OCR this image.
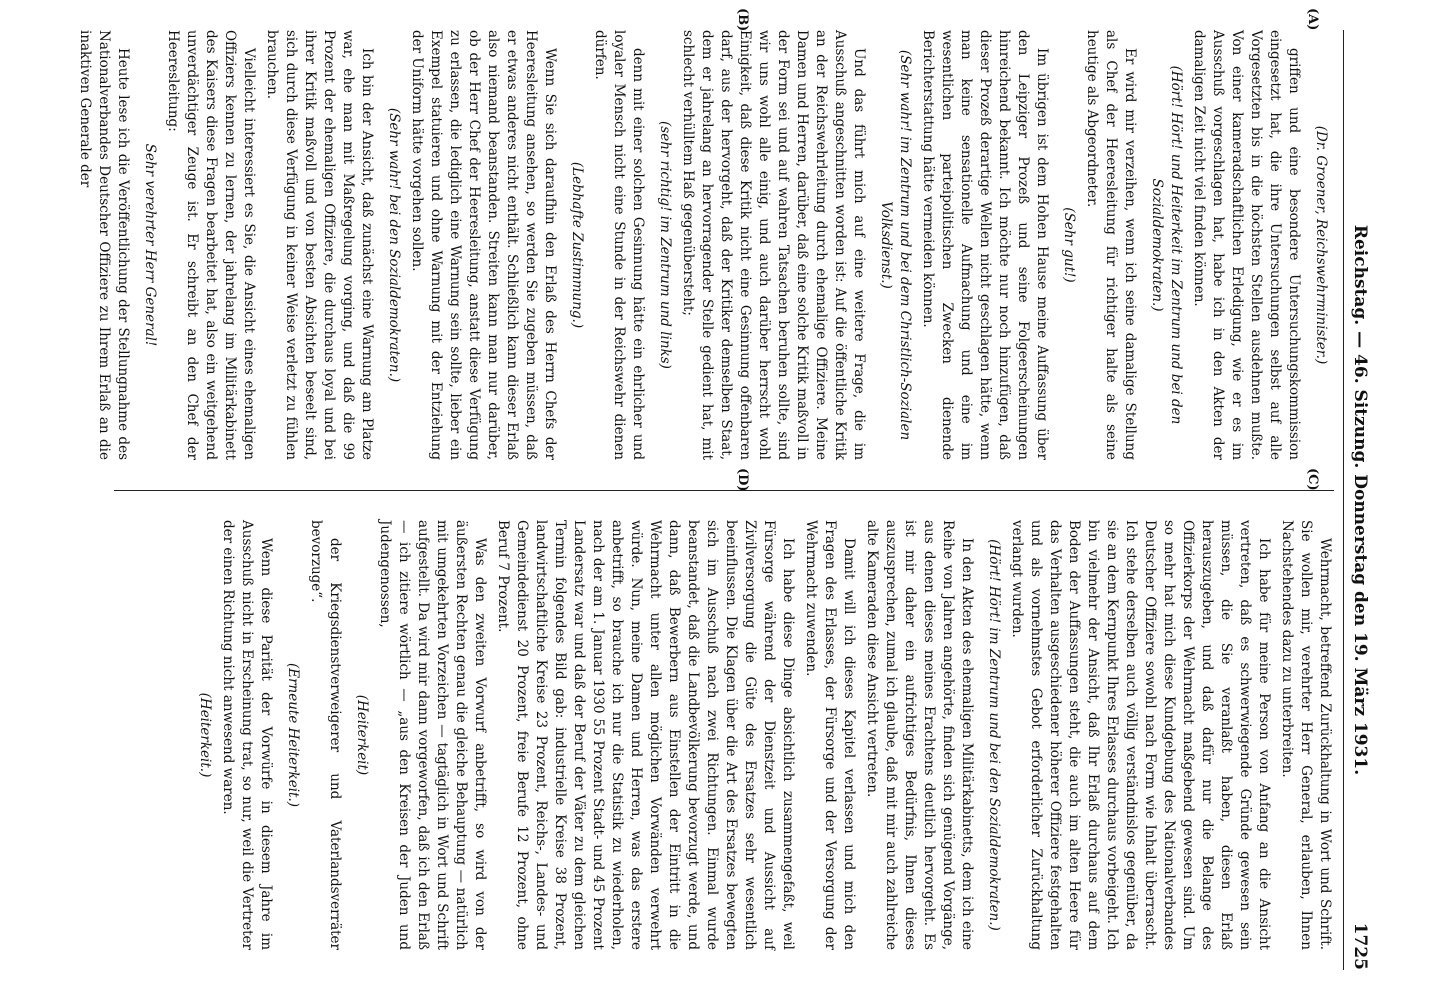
Reichstag. — 46. Sitzung. Donnerstag den 19. März 1931.
1725
(A)
(B)
(C)
(D)

(Dr. Groener, Reichswehrminister.)

griffen und eine besondere Untersuchungskommission eingesetzt hat, die ihre Untersuchungen selbst auf alle Vorgesetzten bis in die höchsten Stellen ausdehnen mußte. Von einer kameradschaftlichen Erledigung, wie er es im Ausschuß vorgeschlagen hat, habe ich in den Akten der damaligen Zeit nicht viel finden können.

(Hört! Hört! und Heiterkeit im Zentrum und bei den Sozialdemokraten.)

Er wird mir verzeihen, wenn ich seine damalige Stellung als Chef der Heeresleitung für richtiger halte als seine heutige als Abgeordneter.

(Sehr gut!)

Im übrigen ist dem Hohen Hause meine Auffassung über den Leipziger Prozeß und seine Folgeerscheinungen hinreichend bekannt. Ich möchte nur noch hinzufügen, daß dieser Prozeß derartige Wellen nicht geschlagen hätte, wenn man keine sensationelle Aufmachung und eine im wesentlichen parteipolitischen Zwecken dienende Berichterstattung hätte vermeiden können.

(Sehr wahr! im Zentrum und bei dem Christlich-Sozialen Volksdienst.)

Und das führt mich auf eine weitere Frage, die im Ausschuß angeschnitten worden ist: Auf die öffentliche Kritik an der Reichswehrleitung durch ehemalige Offiziere. Meine Damen und Herren, darüber, daß eine solche Kritik maßvoll in der Form sei und auf wahren Tatsachen beruhen sollte, sind wir uns wohl alle einig, und auch darüber herrscht wohl Einigkeit, daß diese Kritik nicht eine Gesinnung offenbaren darf, aus der hervorgeht, daß der Kritiker demselben Staat, dem er jahrelang an hervorragender Stelle gedient hat, mit schlecht verhülltem Haß gegenübersteht;

(sehr richtig! im Zentrum und links)

denn mit einer solchen Gesinnung hätte ein ehrlicher und loyaler Mensch nicht eine Stunde in der Reichswehr dienen dürfen.

(Lebhafte Zustimmung.)

Wenn Sie sich daraufhin den Erlaß des Herrn Chefs der Heeresleitung ansehen, so werden Sie zugeben müssen, daß er etwas anderes nicht enthält. Schließlich kann dieser Erlaß also niemand beanstanden. Streiten kann man nur darüber, ob der Herr Chef der Heeresleitung, anstatt diese Verfügung zu erlassen, die lediglich eine Warnung sein sollte, lieber ein Exempel statuieren und ohne Warnung mit der Entziehung der Uniform hätte vorgehen sollen.

(Sehr wahr! bei den Sozialdemokraten.)

Ich bin der Ansicht, daß zunächst eine Warnung am Platze war, ehe man mit Maßregelung vorging, und daß die 99 Prozent der ehemaligen Offiziere, die durchaus loyal und bei ihrer Kritik maßvoll und von besten Absichten beseelt sind, sich durch diese Verfügung in keiner Weise verletzt zu fühlen brauchen.

Vielleicht interessiert es Sie, die Ansicht eines ehemaligen Offiziers kennen zu lernen, der jahrelang im Militärkabinett des Kaisers diese Fragen bearbeitet hat, also ein weitgehend unverdächtiger Zeuge ist. Er schreibt an den Chef der Heeresleitung:

Sehr verehrter Herr General!

Heute lese ich die Veröffentlichung der Stellungnahme des Nationalverbandes Deutscher Offiziere zu Ihrem Erlaß an die inaktiven Generale der

Wehrmacht, betreffend Zurückhaltung in Wort und Schrift. Sie wollen mir, verehrter Herr General, erlauben, Ihnen Nachstehendes dazu zu unterbreiten.

Ich habe für meine Person von Anfang an die Ansicht vertreten, daß es schwerwiegende Gründe gewesen sein müssen, die Sie veranlaßt haben, diesen Erlaß herauszugeben, und daß dafür nur die Belange des Offizierkorps der Wehrmacht maßgebend gewesen sind. Um so mehr hat mich diese Kundgebung des Nationalverbandes Deutscher Offiziere sowohl nach Form wie Inhalt überrascht. Ich stehe derselben auch völlig verständnislos gegenüber, da sie an dem Kernpunkt Ihres Erlasses durchaus vorbeigeht. Ich bin vielmehr der Ansicht, daß Ihr Erlaß durchaus auf dem Boden der Auffassungen steht, die auch im alten Heere für das Verhalten ausgeschiedener höherer Offiziere festgehalten und als vornehmstes Gebot erforderlicher Zurückhaltung verlangt wurden.

(Hört! Hört! im Zentrum und bei den Sozialdemokraten.)

In den Akten des ehemaligen Militärkabinetts, dem ich eine Reihe von Jahren angehörte, finden sich genügend Vorgänge, aus denen dieses meines Erachtens deutlich hervorgeht. Es ist mir daher ein aufrichtiges Bedürfnis, Ihnen dieses auszusprechen, zumal ich glaube, daß mit mir auch zahlreiche alte Kameraden diese Ansicht vertreten.

Damit will ich dieses Kapitel verlassen und mich den Fragen des Erlasses, der Fürsorge und der Versorgung der Wehrmacht zuwenden.

Ich habe diese Dinge absichtlich zusammengefaßt, weil Fürsorge während der Dienstzeit und Aussicht auf Zivilversorgung die Güte des Ersatzes sehr wesentlich beeinflussen. Die Klagen über die Art des Ersatzes bewegten sich im Ausschuß nach zwei Richtungen. Einmal wurde beanstandet, daß die Landbevölkerung bevorzugt werde, und dann, daß Bewerbern aus Einstellen der Eintritt in die Wehrmacht unter allen möglichen Vorwänden verwehrt würde. Nun, meine Damen und Herren, was das erstere anbetrifft, so brauche ich nur die Statistik zu wiederholen, nach der am 1. Januar 1930 55 Prozent Stadt- und 45 Prozent Landersatz war und daß der Beruf der Väter zu dem gleichen Termin folgendes Bild gab: industrielle Kreise 38 Prozent, landwirtschaftliche Kreise 23 Prozent, Reichs-, Landes- und Gemeindedienst 20 Prozent, freie Berufe 12 Prozent, ohne Beruf 7 Prozent.

Was den zweiten Vorwurf anbetrifft, so wird von der äußersten Rechten genau die gleiche Behauptung — natürlich mit umgekehrten Vorzeichen — tagtäglich in Wort und Schrift aufgestellt. Da wird mir dann vorgeworfen, daß ich den Erlaß — ich zitiere wörtlich — „aus den Kreisen der Juden und Judengenossen,

(Heiterkeit)

der Kriegsdienstverweigerer und Vaterlandsverräter bevorzuge“.

(Erneute Heiterkeit.)

Wenn diese Parität der Vorwürfe in diesem Jahre im Ausschuß nicht in Erscheinung trat, so nur, weil die Vertreter der einen Richtung nicht anwesend waren.

(Heiterkeit.)
